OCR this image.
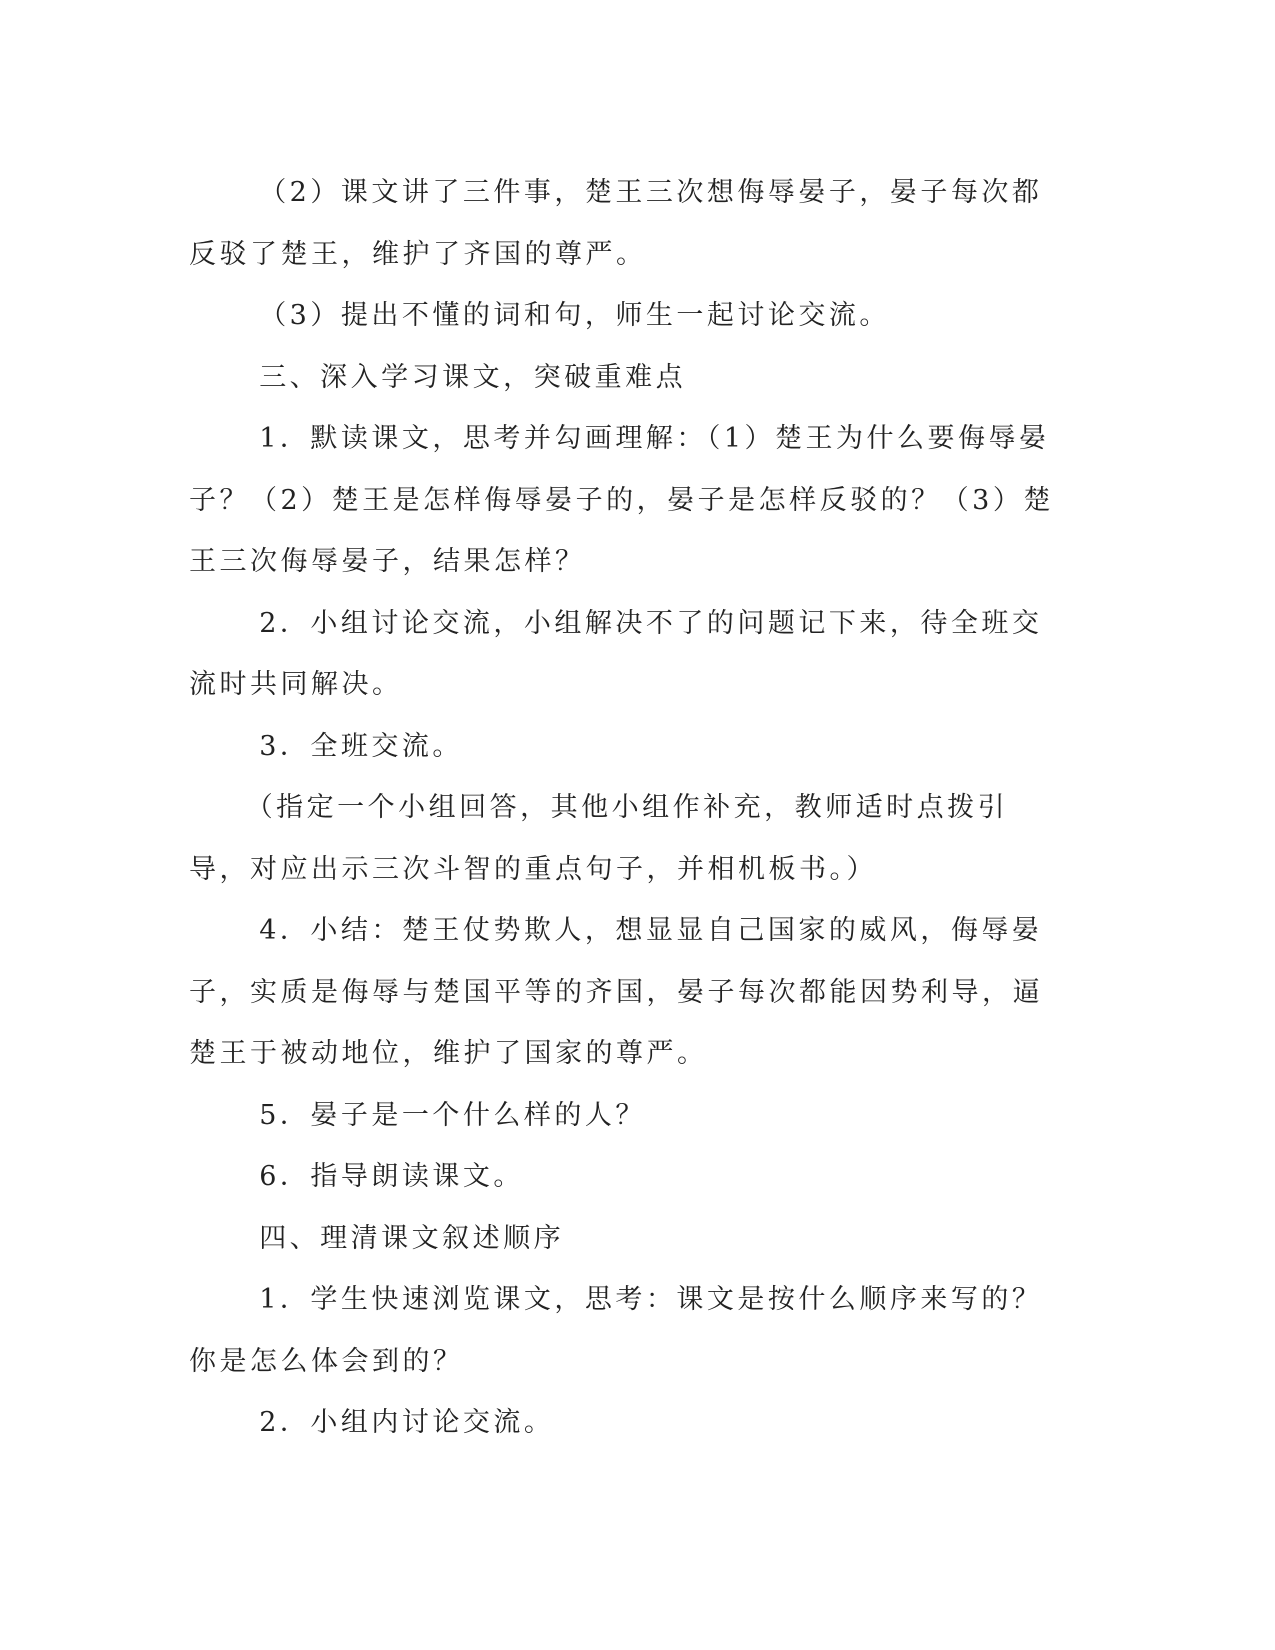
（2）课文讲了三件事，楚王三次想侮辱晏子，晏子每次都反驳了楚王，维护了齐国的尊严。

（3）提出不懂的词和句，师生一起讨论交流。

三、深入学习课文，突破重难点

1．默读课文，思考并勾画理解：（1）楚王为什么要侮辱晏子？（2）楚王是怎样侮辱晏子的，晏子是怎样反驳的？（3）楚王三次侮辱晏子，结果怎样？

2．小组讨论交流，小组解决不了的问题记下来，待全班交流时共同解决。

3．全班交流。

（指定一个小组回答，其他小组作补充，教师适时点拨引导，对应出示三次斗智的重点句子，并相机板书。）

4．小结：楚王仗势欺人，想显显自己国家的威风，侮辱晏子，实质是侮辱与楚国平等的齐国，晏子每次都能因势利导，逼楚王于被动地位，维护了国家的尊严。

5．晏子是一个什么样的人？

6．指导朗读课文。

四、理清课文叙述顺序

1．学生快速浏览课文，思考：课文是按什么顺序来写的？你是怎么体会到的？

2．小组内讨论交流。
